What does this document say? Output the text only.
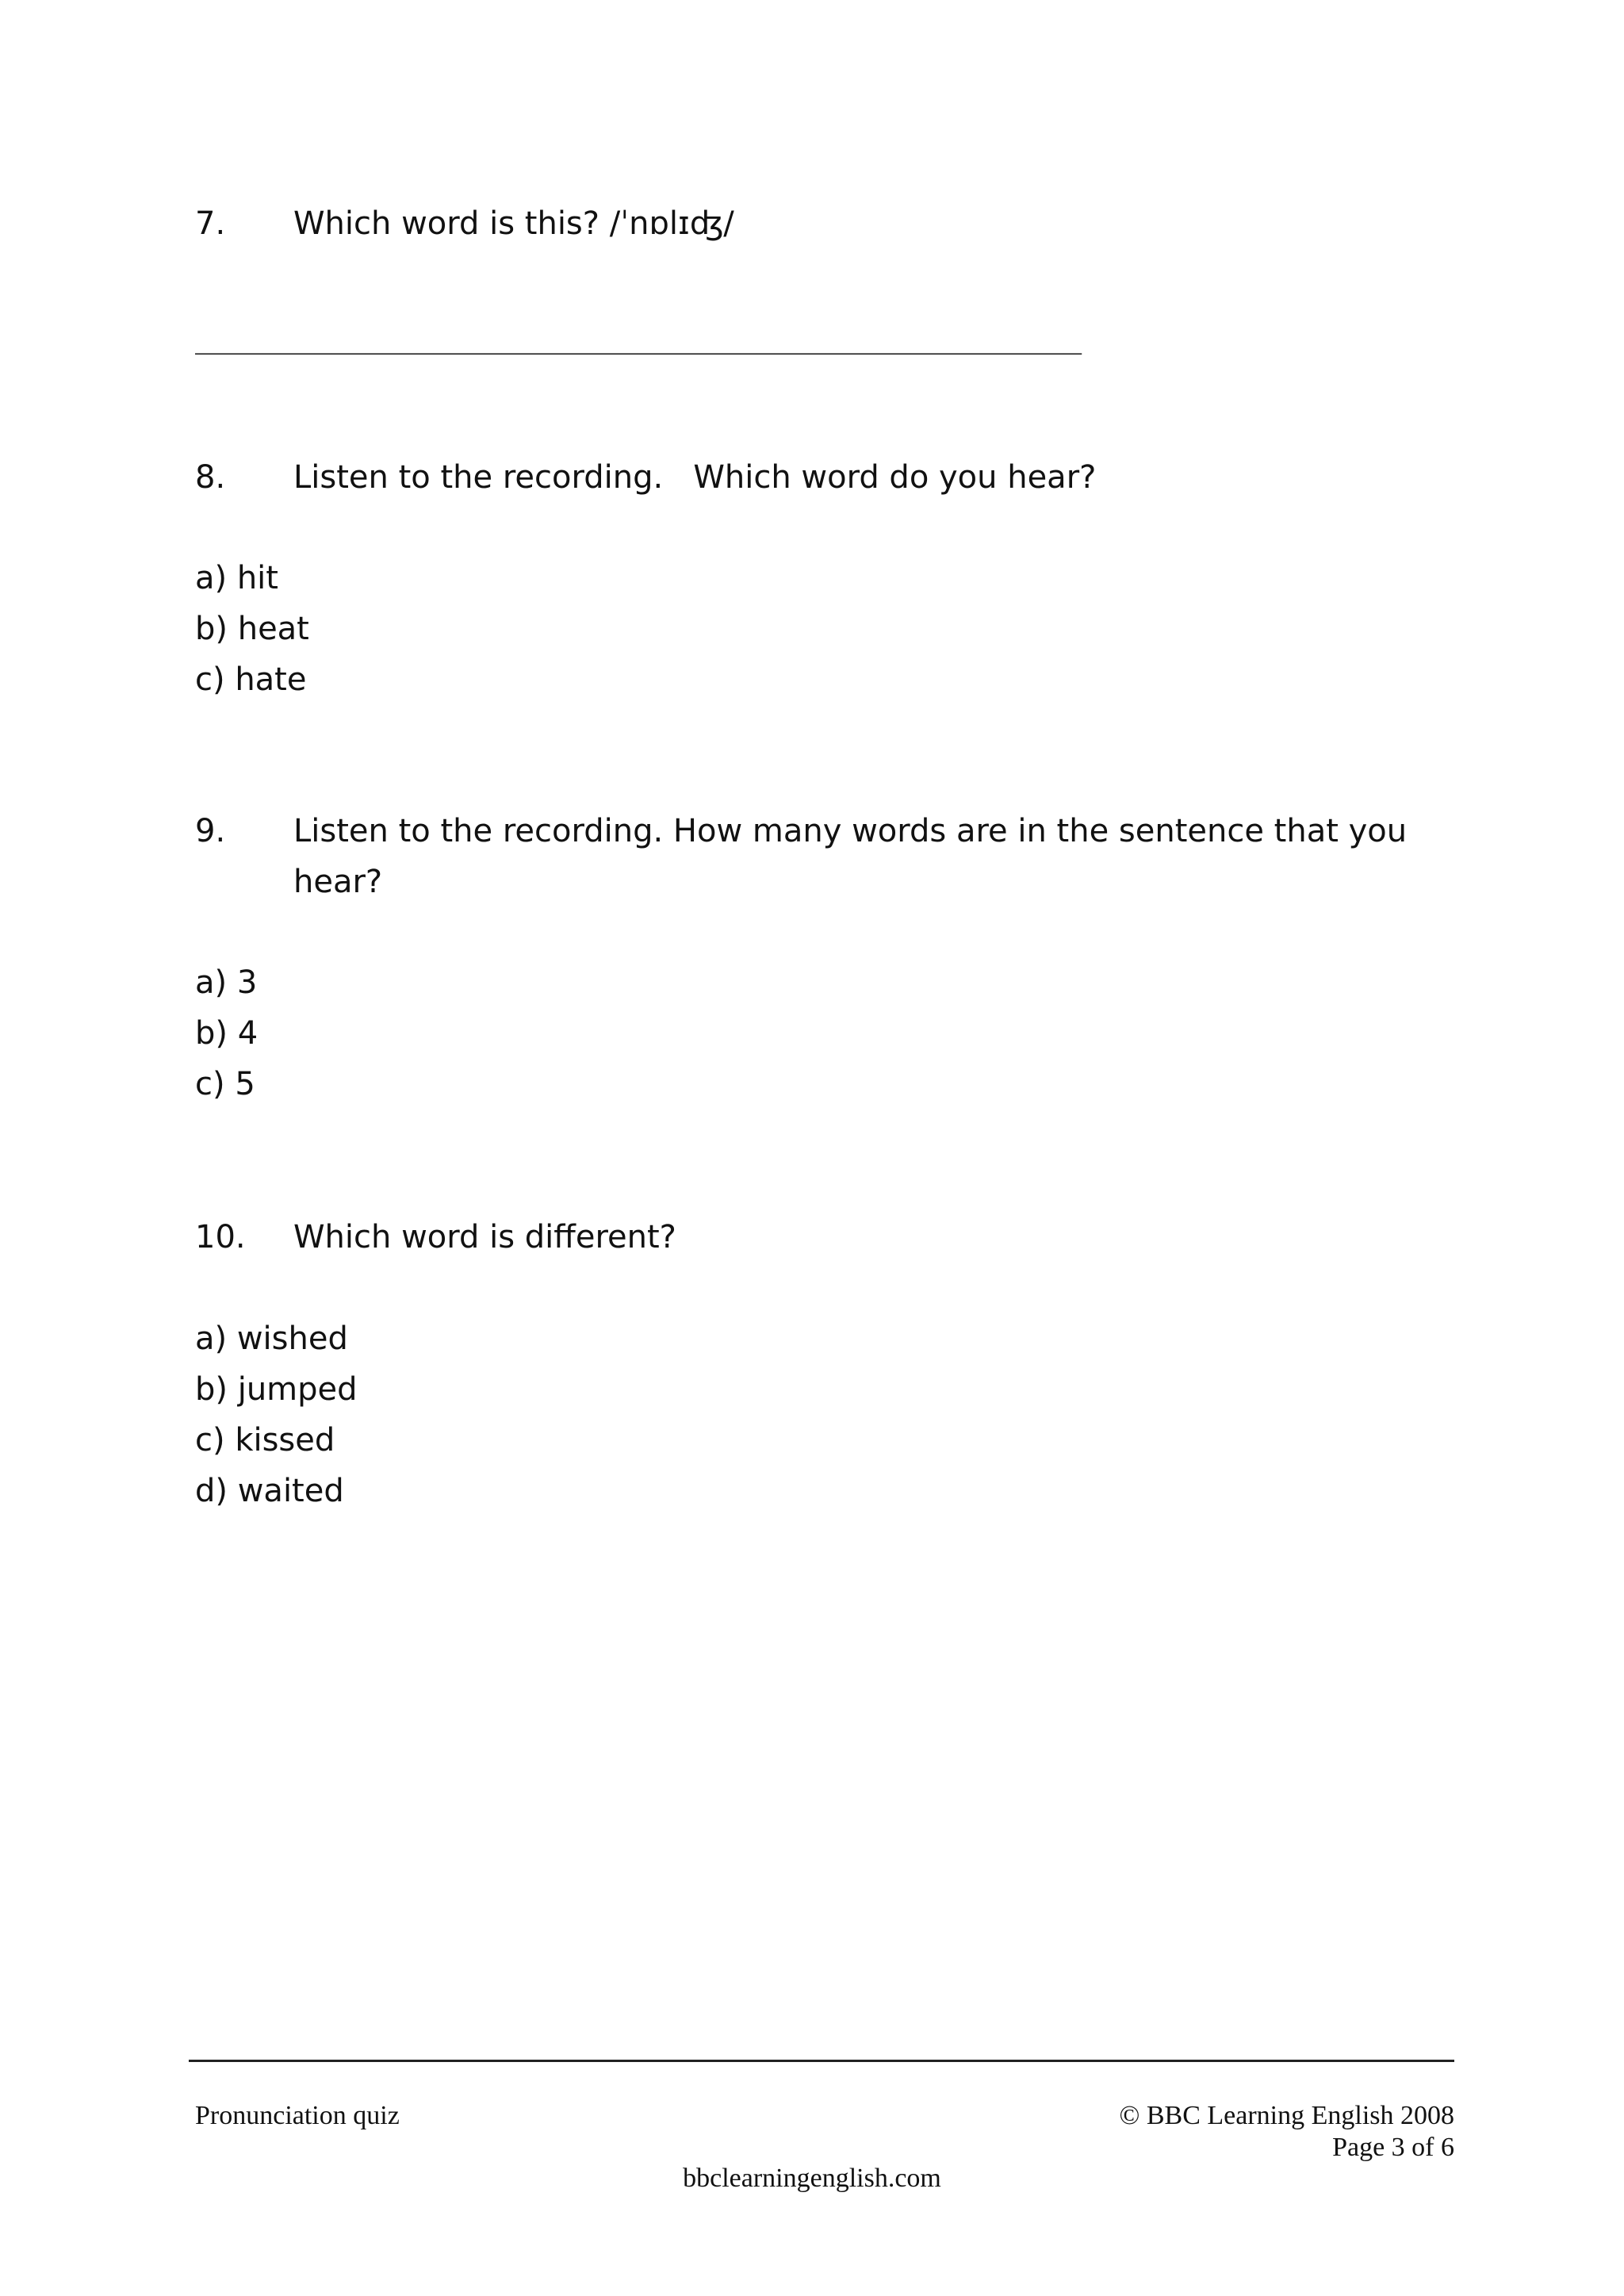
7.	Which word is this? /ˈnɒlɪʤ/
____________________________________________________
8.	Listen to the recording.   Which word do you hear?
a) hit
b) heat
c) hate
9.	Listen to the recording. How many words are in the sentence that you hear?
a) 3
b) 4
c) 5
10.	Which word is different?
a) wished
b) jumped
c) kissed
d) waited
Pronunciation quiz	© BBC Learning English 2008
Page 3 of 6
bbclearningenglish.com
